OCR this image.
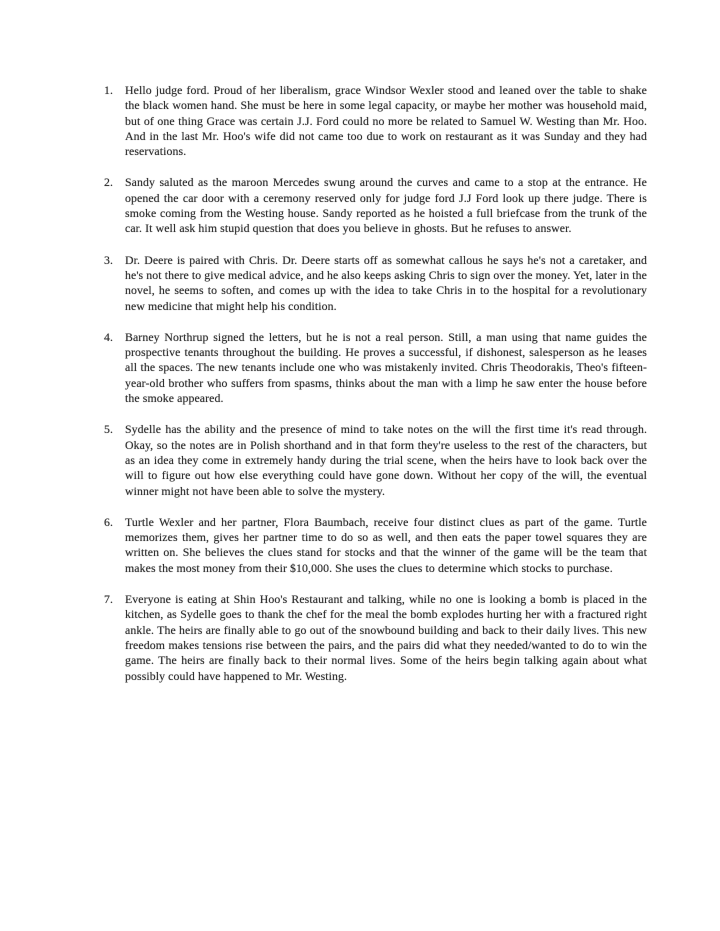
1.	Hello judge ford. Proud of her liberalism, grace Windsor Wexler stood and leaned over the table to shake the black women hand. She must be here in some legal capacity, or maybe her mother was household maid, but of one thing Grace was certain J.J. Ford could no more be related to Samuel W. Westing than Mr. Hoo. And in the last Mr. Hoo's wife did not came too due to work on restaurant as it was Sunday and they had reservations.

2.	Sandy saluted as the maroon Mercedes swung around the curves and came to a stop at the entrance. He opened the car door with a ceremony reserved only for judge ford J.J Ford look up there judge. There is smoke coming from the Westing house. Sandy reported as he hoisted a full briefcase from the trunk of the car. It well ask him stupid question that does you believe in ghosts. But he refuses to answer.

3.	Dr. Deere is paired with Chris. Dr. Deere starts off as somewhat callous he says he's not a caretaker, and he's not there to give medical advice, and he also keeps asking Chris to sign over the money. Yet, later in the novel, he seems to soften, and comes up with the idea to take Chris in to the hospital for a revolutionary new medicine that might help his condition.

4.	Barney Northrup signed the letters, but he is not a real person. Still, a man using that name guides the prospective tenants throughout the building. He proves a successful, if dishonest, salesperson as he leases all the spaces. The new tenants include one who was mistakenly invited. Chris Theodorakis, Theo's fifteen-year-old brother who suffers from spasms, thinks about the man with a limp he saw enter the house before the smoke appeared.

5.	Sydelle has the ability and the presence of mind to take notes on the will the first time it's read through. Okay, so the notes are in Polish shorthand and in that form they're useless to the rest of the characters, but as an idea they come in extremely handy during the trial scene, when the heirs have to look back over the will to figure out how else everything could have gone down. Without her copy of the will, the eventual winner might not have been able to solve the mystery.

6.	Turtle Wexler and her partner, Flora Baumbach, receive four distinct clues as part of the game. Turtle memorizes them, gives her partner time to do so as well, and then eats the paper towel squares they are written on. She believes the clues stand for stocks and that the winner of the game will be the team that makes the most money from their $10,000. She uses the clues to determine which stocks to purchase.

7.	Everyone is eating at Shin Hoo's Restaurant and talking, while no one is looking a bomb is placed in the kitchen, as Sydelle goes to thank the chef for the meal the bomb explodes hurting her with a fractured right ankle. The heirs are finally able to go out of the snowbound building and back to their daily lives. This new freedom makes tensions rise between the pairs, and the pairs did what they needed/wanted to do to win the game. The heirs are finally back to their normal lives. Some of the heirs begin talking again about what possibly could have happened to Mr. Westing.
